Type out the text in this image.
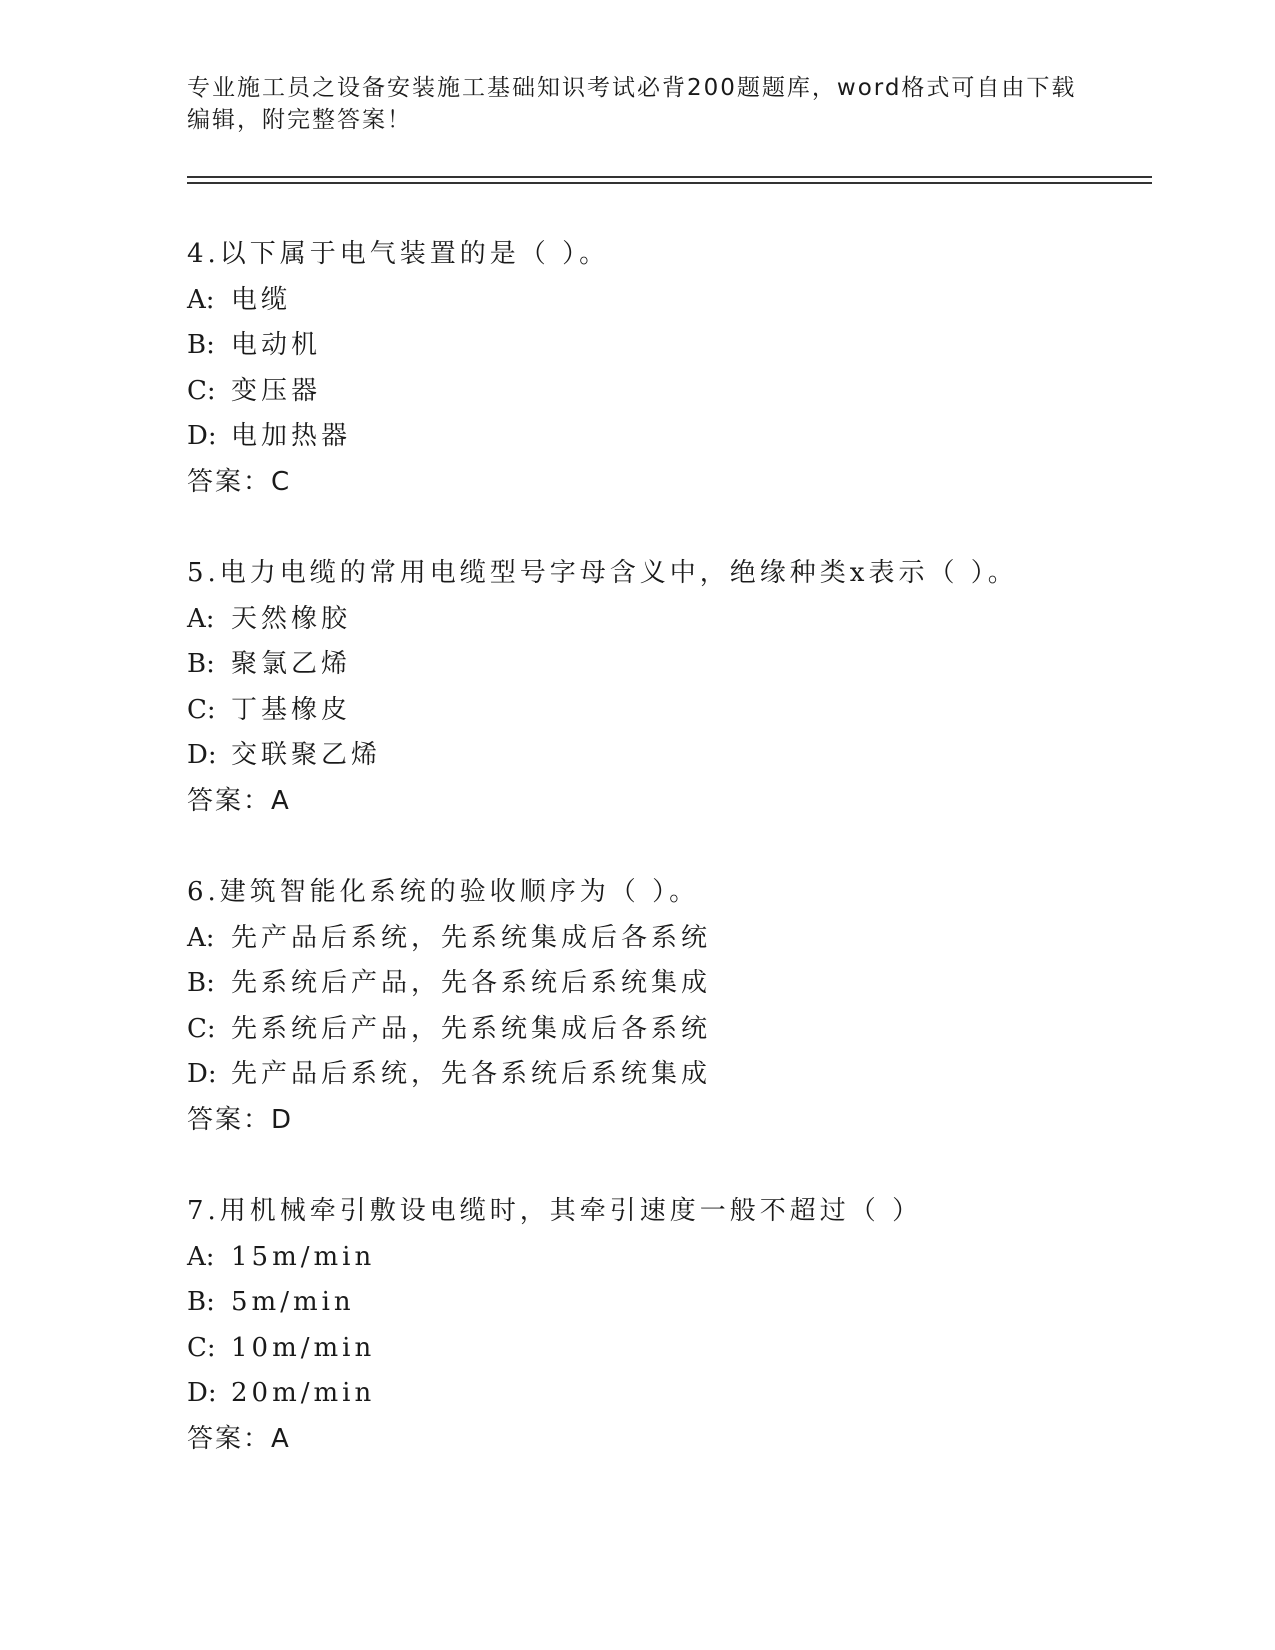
专业施工员之设备安装施工基础知识考试必背200题题库，word格式可自由下载

编辑，附完整答案！

4.以下属于电气装置的是（ ）。
A: 电缆
B: 电动机
C: 变压器
D: 电加热器
答案：C
5.电力电缆的常用电缆型号字母含义中，绝缘种类x表示（ ）。
A: 天然橡胶
B: 聚氯乙烯
C: 丁基橡皮
D: 交联聚乙烯
答案：A
6.建筑智能化系统的验收顺序为（ ）。
A: 先产品后系统，先系统集成后各系统
B: 先系统后产品，先各系统后系统集成
C: 先系统后产品，先系统集成后各系统
D: 先产品后系统，先各系统后系统集成
答案：D
7.用机械牵引敷设电缆时，其牵引速度一般不超过（ ）
A: 15m/min
B: 5m/min
C: 10m/min
D: 20m/min
答案：A
